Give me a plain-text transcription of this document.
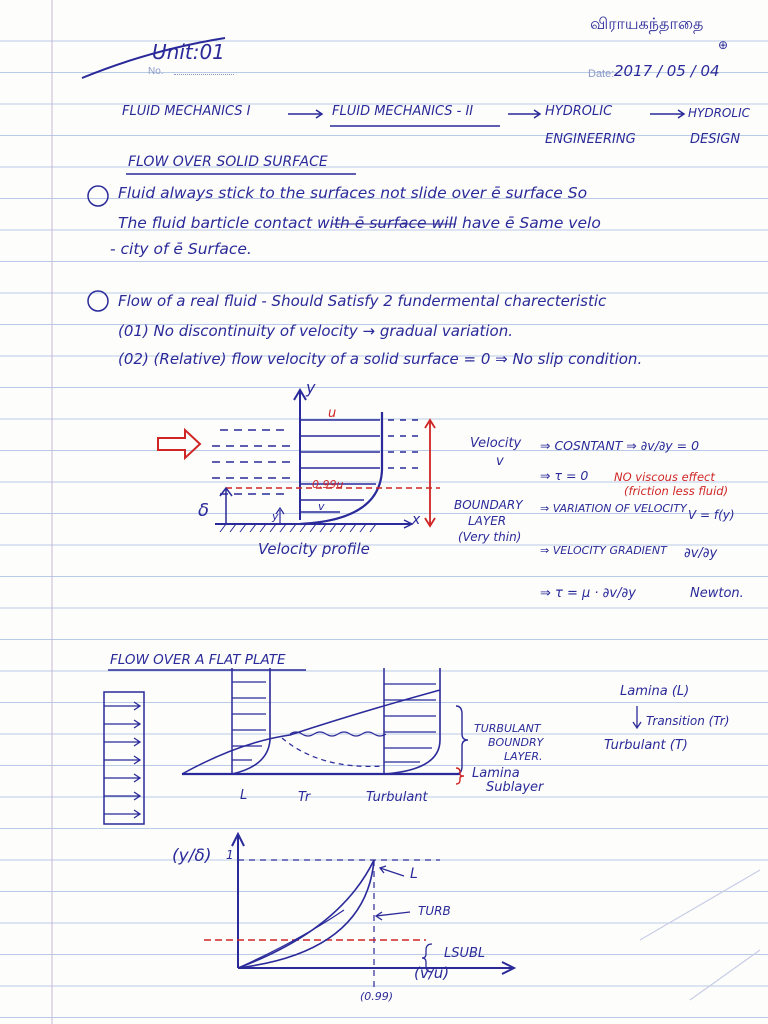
விராயகந்தாதை
⊕
Unit:01
No.	Date: 2017 / 05 / 04
FLUID MECHANICS I	FLUID MECHANICS - II	HYDROLIC
ENGINEERING
HYDROLIC
DESIGN
FLOW OVER SOLID SURFACE
Fluid always stick to the surfaces not slide over ē surface So
The fluid barticle contact with ē surface will have ē Same velo
- city of ē Surface.
Flow of a real fluid - Should Satisfy 2 fundermental charecteristic
(01) No discontinuity of velocity → gradual variation.
(02) (Relative) flow velocity of a solid surface = 0 ⇒ No slip condition.
y
x
u
0.99u
v
y
δ
Velocity profile
Velocity
v
⇒ COSNTANT ⇒ ∂v/∂y = 0
⇒ τ = 0 NO viscous effect
(friction less fluid)
BOUNDARY
LAYER
(Very thin)
⇒ VARIATION OF VELOCITY V = f(y)
⇒ VELOCITY GRADIENT ∂v/∂y
⇒ τ = μ · ∂v/∂y	Newton.
FLOW OVER A FLAT PLATE
TURBULANT
BOUNDRY
LAYER.
Lamina
Sublayer
L	Tr	Turbulant
Lamina (L)
Transition (Tr)
Turbulant (T)
(y/δ) 1
(v/u)
(0.99)
L
TURB
LSUBL
